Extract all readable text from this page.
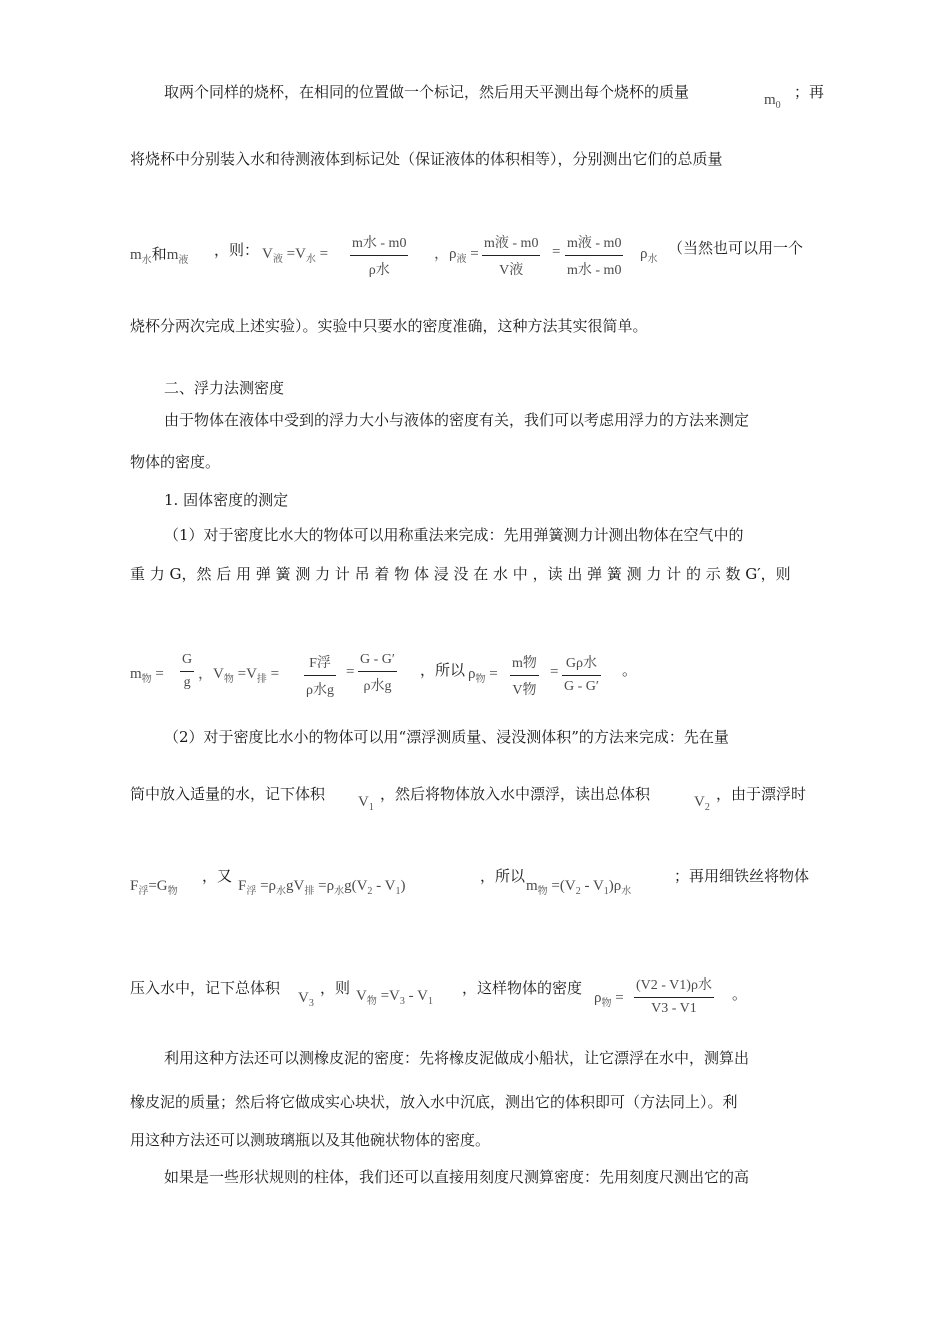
取两个同样的烧杯，在相同的位置做一个标记，然后用天平测出每个烧杯的质量	$m_0$
；再
将烧杯中分别装入水和待测液体到标记处（保证液体的体积相等），分别测出它们的总质量
$m_水$和$m_液$
，则： $V_液 =V_水$ =
m水 - m0
ρ水
，$\rho_液$ =
m液 - m0
V液
=
m液 - m0
m水 - m0
$\rho_水$
（当然也可以用一个
烧杯分两次完成上述实验）。实验中只要水的密度准确，这种方法其实很简单。
二、浮力法测密度
由于物体在液体中受到的浮力大小与液体的密度有关，我们可以考虑用浮力的方法来测定
物体的密度。
1. 固体密度的测定
（1）对于密度比水大的物体可以用称重法来完成：先用弹簧测力计测出物体在空气中的
重 力 G，然 后 用 弹 簧 测 力 计 吊 着 物 体 浸 没 在 水 中 ，读 出 弹 簧 测 力 计 的 示 数 G′，则
$m_物$ =
G
g
，$V_物 =V_排$ =
F浮
ρ水g
=
G - G′
ρ水g
，所以 $\rho_物$ =
m物
V物
=
Gρ水
G - G′
。
（2）对于密度比水小的物体可以用“漂浮测质量、浸没测体积”的方法来完成：先在量
筒中放入适量的水，记下体积 $V_1$
，然后将物体放入水中漂浮，读出总体积	$V_2$
，由于漂浮时
$F_浮=G_物$
，又
$F_浮 =\rho_水gV_排 =\rho_水g(V_2 - V_1)$
，所以
$m_物 =(V_2 - V_1)\rho_水$
；再用细铁丝将物体
压入水中，记下总体积
$V_3$
，则 $V_物 =V_3 - V_1$
，这样物体的密度
$\rho_物$ =
(V2 - V1)ρ水
V3 - V1
。
利用这种方法还可以测橡皮泥的密度：先将橡皮泥做成小船状，让它漂浮在水中，测算出
橡皮泥的质量；然后将它做成实心块状，放入水中沉底，测出它的体积即可（方法同上）。利
用这种方法还可以测玻璃瓶以及其他碗状物体的密度。
如果是一些形状规则的柱体，我们还可以直接用刻度尺测算密度：先用刻度尺测出它的高
